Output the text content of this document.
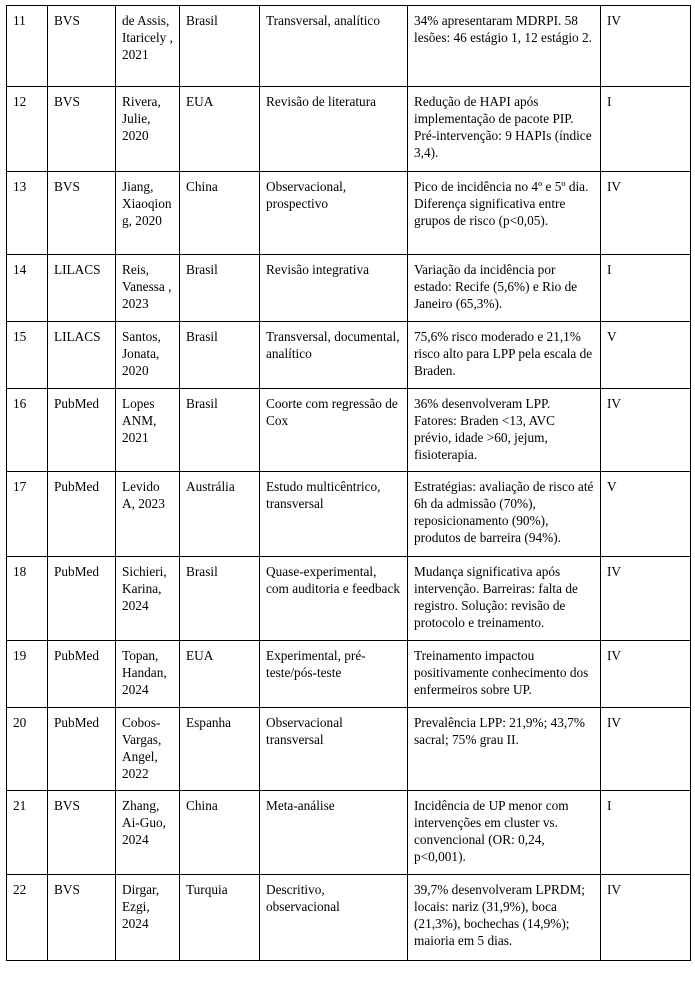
11	BVS	de Assis, Itaricely , 2021	Brasil	Transversal, analítico	34% apresentaram MDRPI. 58 lesões: 46 estágio 1, 12 estágio 2.	IV
12	BVS	Rivera, Julie, 2020	EUA	Revisão de literatura	Redução de HAPI após implementação de pacote PIP. Pré-intervenção: 9 HAPIs (índice 3,4).	I
13	BVS	Jiang, Xiaoqiong, 2020	China	Observacional, prospectivo	Pico de incidência no 4º e 5º dia. Diferença significativa entre grupos de risco (p<0,05).	IV
14	LILACS	Reis, Vanessa , 2023	Brasil	Revisão integrativa	Variação da incidência por estado: Recife (5,6%) e Rio de Janeiro (65,3%).	I
15	LILACS	Santos, Jonata, 2020	Brasil	Transversal, documental, analítico	75,6% risco moderado e 21,1% risco alto para LPP pela escala de Braden.	V
16	PubMed	Lopes ANM, 2021	Brasil	Coorte com regressão de Cox	36% desenvolveram LPP. Fatores: Braden <13, AVC prévio, idade >60, jejum, fisioterapia.	IV
17	PubMed	Levido A, 2023	Austrália	Estudo multicêntrico, transversal	Estratégias: avaliação de risco até 6h da admissão (70%), reposicionamento (90%), produtos de barreira (94%).	V
18	PubMed	Sichieri, Karina, 2024	Brasil	Quase-experimental, com auditoria e feedback	Mudança significativa após intervenção. Barreiras: falta de registro. Solução: revisão de protocolo e treinamento.	IV
19	PubMed	Topan, Handan, 2024	EUA	Experimental, pré-teste/pós-teste	Treinamento impactou positivamente conhecimento dos enfermeiros sobre UP.	IV
20	PubMed	Cobos-Vargas, Angel, 2022	Espanha	Observacional transversal	Prevalência LPP: 21,9%; 43,7% sacral; 75% grau II.	IV
21	BVS	Zhang, Ai-Guo, 2024	China	Meta-análise	Incidência de UP menor com intervenções em cluster vs. convencional (OR: 0,24, p<0,001).	I
22	BVS	Dirgar, Ezgi, 2024	Turquia	Descritivo, observacional	39,7% desenvolveram LPRDM; locais: nariz (31,9%), boca (21,3%), bochechas (14,9%); maioria em 5 dias.	IV
